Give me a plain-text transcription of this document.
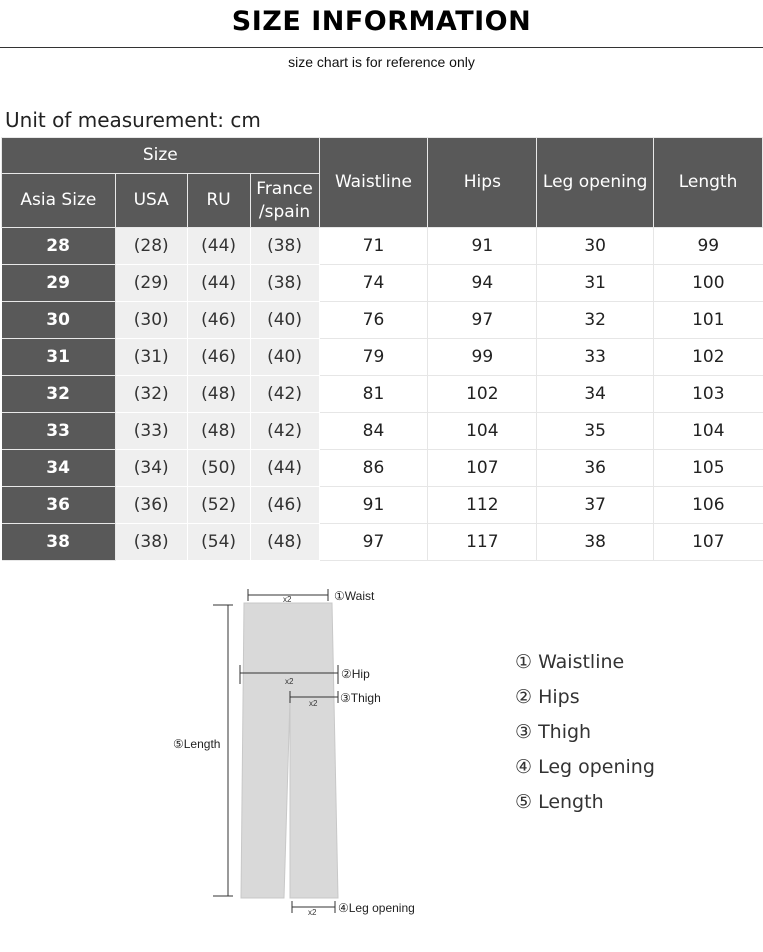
SIZE INFORMATION
size chart is for reference only
Unit of measurement: cm
Size				Waistline	Hips	Leg opening	Length
Asia Size	USA	RU	France /spain				
28	(28)	(44)	(38)	71	91	30	99
29	(29)	(44)	(38)	74	94	31	100
30	(30)	(46)	(40)	76	97	32	101
31	(31)	(46)	(40)	79	99	33	102
32	(32)	(48)	(42)	81	102	34	103
33	(33)	(48)	(42)	84	104	35	104
34	(34)	(50)	(44)	86	107	36	105
36	(36)	(52)	(46)	91	112	37	106
38	(38)	(54)	(48)	97	117	38	107
x2	①Waist
x2
②Hip
x2 ③Thigh
⑤Length
x2 ④Leg opening
① Waistline
② Hips
③ Thigh
④ Leg opening
⑤ Length
